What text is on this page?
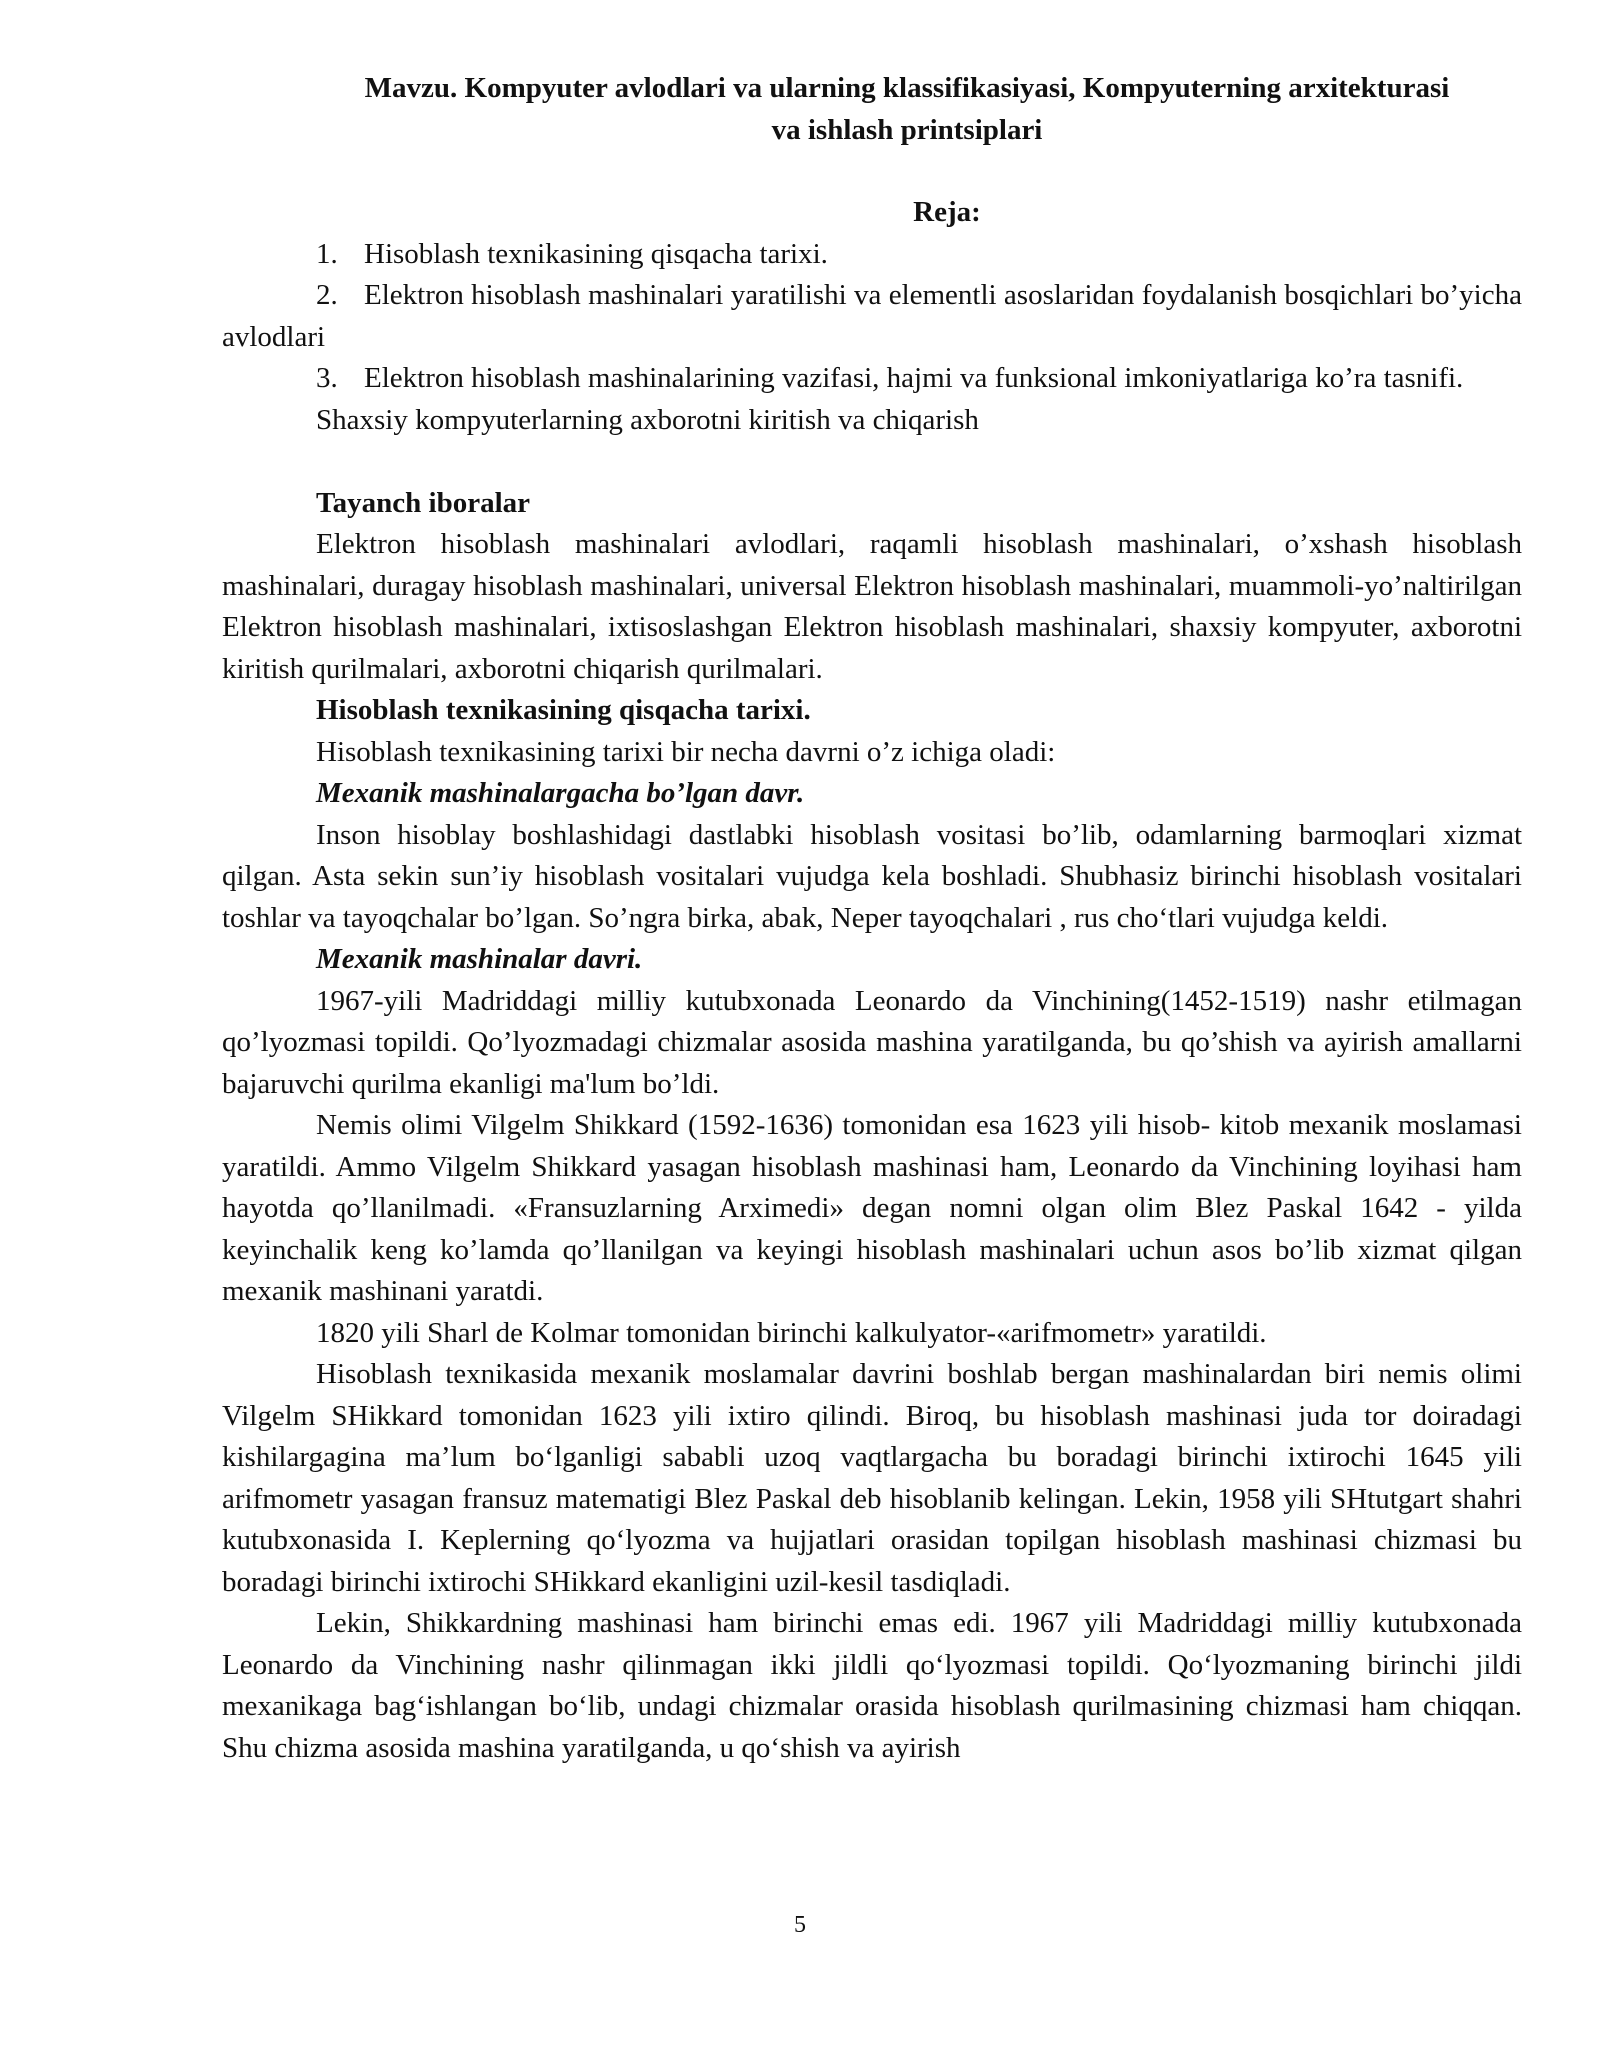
Mavzu. Kompyuter avlodlari va ularning klassifikasiyasi, Kompyuterning arxitekturasi
va ishlash printsiplari

Reja:

1. Hisoblash texnikasining qisqacha tarixi.

2. Elektron hisoblash mashinalari yaratilishi va elementli asoslaridan foydalanish bosqichlari bo’yicha avlodlari

3. Elektron hisoblash mashinalarining vazifasi, hajmi va funksional imkoniyatlariga ko’ra tasnifi.

Shaxsiy kompyuterlarning axborotni kiritish va chiqarish

Tayanch iboralar

Elektron hisoblash mashinalari avlodlari, raqamli hisoblash mashinalari, o’xshash hisoblash mashinalari, duragay hisoblash mashinalari, universal Elektron hisoblash mashinalari, muammoli-yo’naltirilgan Elektron hisoblash mashinalari, ixtisoslashgan Elektron hisoblash mashinalari, shaxsiy kompyuter, axborotni kiritish qurilmalari, axborotni chiqarish qurilmalari.

Hisoblash texnikasining qisqacha tarixi.

Hisoblash texnikasining tarixi bir necha davrni o’z ichiga oladi:

Mexanik mashinalargacha bo’lgan davr.

Inson hisoblay boshlashidagi dastlabki hisoblash vositasi bo’lib, odamlarning barmoqlari xizmat qilgan. Asta sekin sun’iy hisoblash vositalari vujudga kela boshladi. Shubhasiz birinchi hisoblash vositalari toshlar va tayoqchalar bo’lgan. So’ngra birka, abak, Neper tayoqchalari , rus cho‘tlari vujudga keldi.

Mexanik mashinalar davri.

1967-yili Madriddagi milliy kutubxonada Leonardo da Vinchining(1452-1519) nashr etilmagan qo’lyozmasi topildi. Qo’lyozmadagi chizmalar asosida mashina yaratilganda, bu qo’shish va ayirish amallarni bajaruvchi qurilma ekanligi ma'lum bo’ldi.

Nemis olimi Vilgelm Shikkard (1592-1636) tomonidan esa 1623 yili hisob- kitob mexanik moslamasi yaratildi. Ammo Vilgelm Shikkard yasagan hisoblash mashinasi ham, Leonardo da Vinchining loyihasi ham hayotda qo’llanilmadi. «Fransuzlarning Arximedi» degan nomni olgan olim Blez Paskal 1642 - yilda keyinchalik keng ko’lamda qo’llanilgan va keyingi hisoblash mashinalari uchun asos bo’lib xizmat qilgan mexanik mashinani yaratdi.

1820 yili Sharl de Kolmar tomonidan birinchi kalkulyator-«arifmometr» yaratildi.

Hisoblash texnikasida mexanik moslamalar davrini boshlab bergan mashinalardan biri nemis olimi Vilgelm SHikkard tomonidan 1623 yili ixtiro qilindi. Biroq, bu hisoblash mashinasi juda tor doiradagi kishilargagina ma’lum bo‘lganligi sababli uzoq vaqtlargacha bu boradagi birinchi ixtirochi 1645 yili arifmometr yasagan fransuz matematigi Blez Paskal deb hisoblanib kelingan. Lekin, 1958 yili SHtutgart shahri kutubxonasida I. Keplerning qo‘lyozma va hujjatlari orasidan topilgan hisoblash mashinasi chizmasi bu boradagi birinchi ixtirochi SHikkard ekanligini uzil-kesil tasdiqladi.

Lekin, Shikkardning mashinasi ham birinchi emas edi. 1967 yili Madriddagi milliy kutubxonada Leonardo da Vinchining nashr qilinmagan ikki jildli qo‘lyozmasi topildi. Qo‘lyozmaning birinchi jildi mexanikaga bag‘ishlangan bo‘lib, undagi chizmalar orasida hisoblash qurilmasining chizmasi ham chiqqan. Shu chizma asosida mashina yaratilganda, u qo‘shish va ayirish

5
